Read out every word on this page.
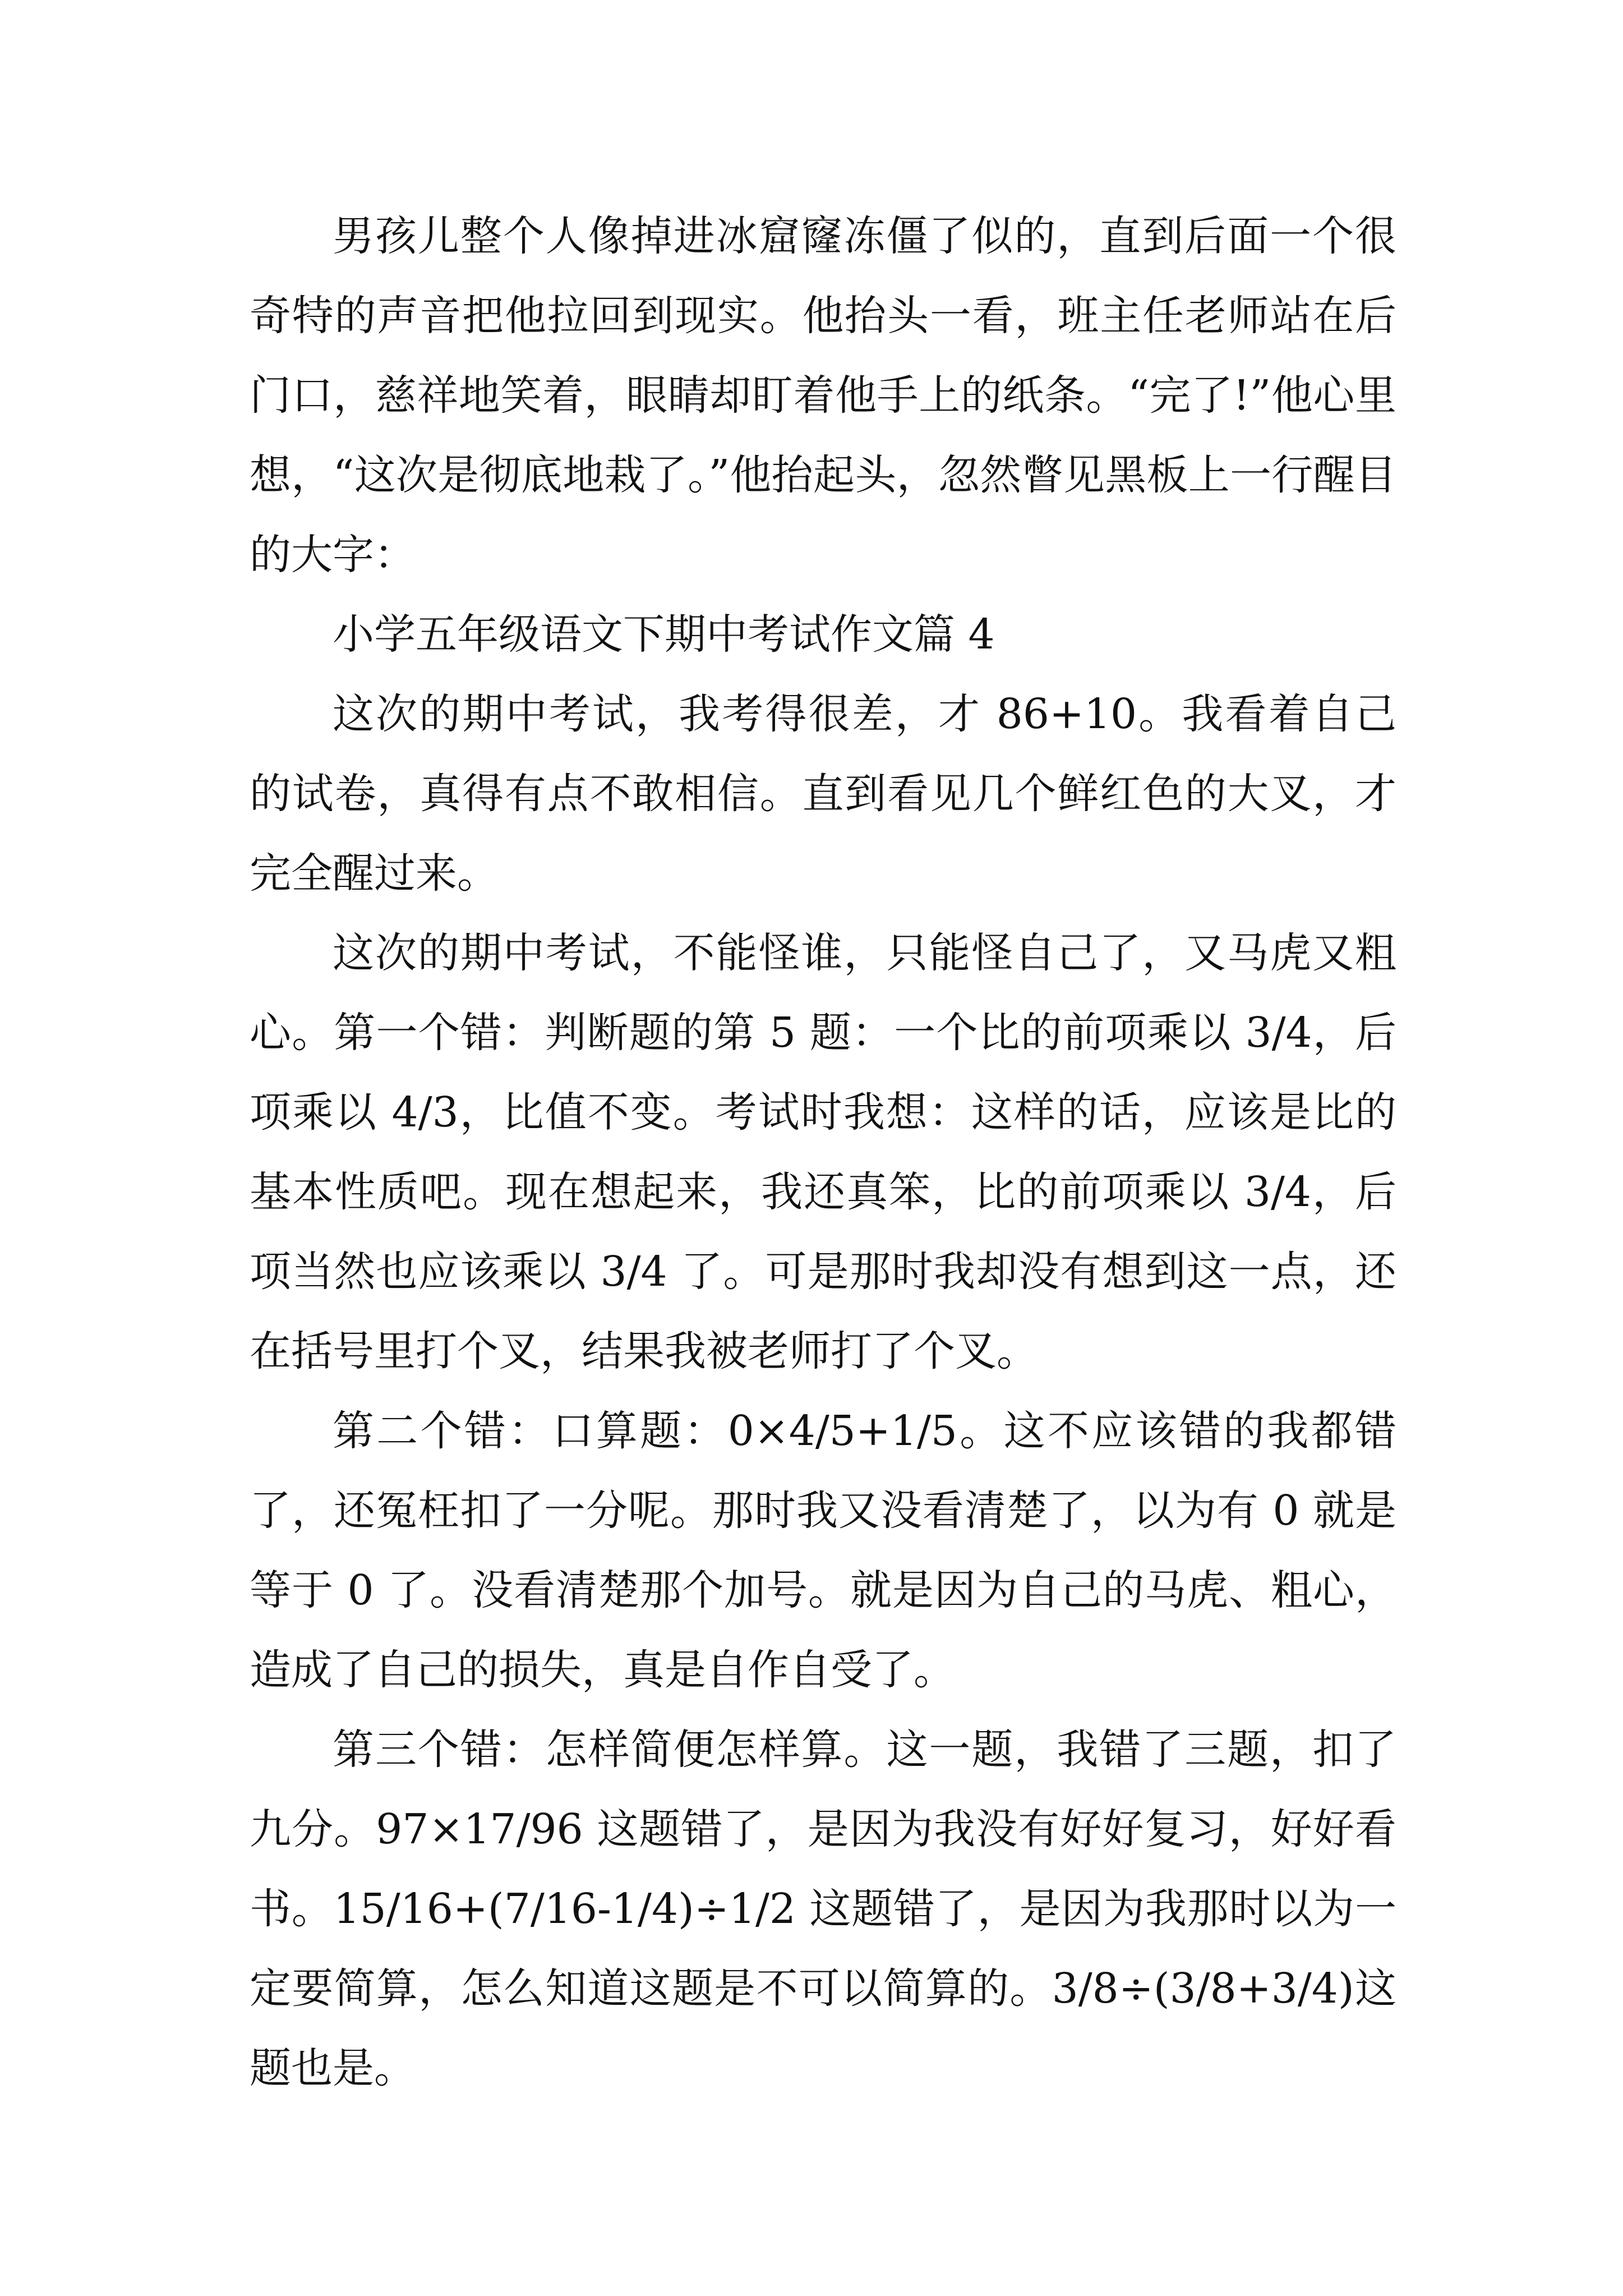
男孩儿整个人像掉进冰窟窿冻僵了似的，直到后面一个很奇特的声音把他拉回到现实。他抬头一看，班主任老师站在后门口，慈祥地笑着，眼睛却盯着他手上的纸条。“完了!”他心里想，“这次是彻底地栽了。”他抬起头，忽然瞥见黑板上一行醒目的大字：

小学五年级语文下期中考试作文篇 4

这次的期中考试，我考得很差，才 86+10。我看着自己的试卷，真得有点不敢相信。直到看见几个鲜红色的大叉，才完全醒过来。

这次的期中考试，不能怪谁，只能怪自己了，又马虎又粗心。第一个错：判断题的第 5 题：一个比的前项乘以 3/4，后项乘以 4/3，比值不变。考试时我想：这样的话，应该是比的基本性质吧。现在想起来，我还真笨，比的前项乘以 3/4，后项当然也应该乘以 3/4 了。可是那时我却没有想到这一点，还在括号里打个叉，结果我被老师打了个叉。

第二个错：口算题：0×4/5+1/5。这不应该错的我都错了，还冤枉扣了一分呢。那时我又没看清楚了，以为有 0 就是等于 0 了。没看清楚那个加号。就是因为自己的马虎、粗心，造成了自己的损失，真是自作自受了。

第三个错：怎样简便怎样算。这一题，我错了三题，扣了九分。97×17/96 这题错了，是因为我没有好好复习，好好看书。15/16+(7/16-1/4)÷1/2 这题错了，是因为我那时以为一定要简算，怎么知道这题是不可以简算的。3/8÷(3/8+3/4)这题也是。
